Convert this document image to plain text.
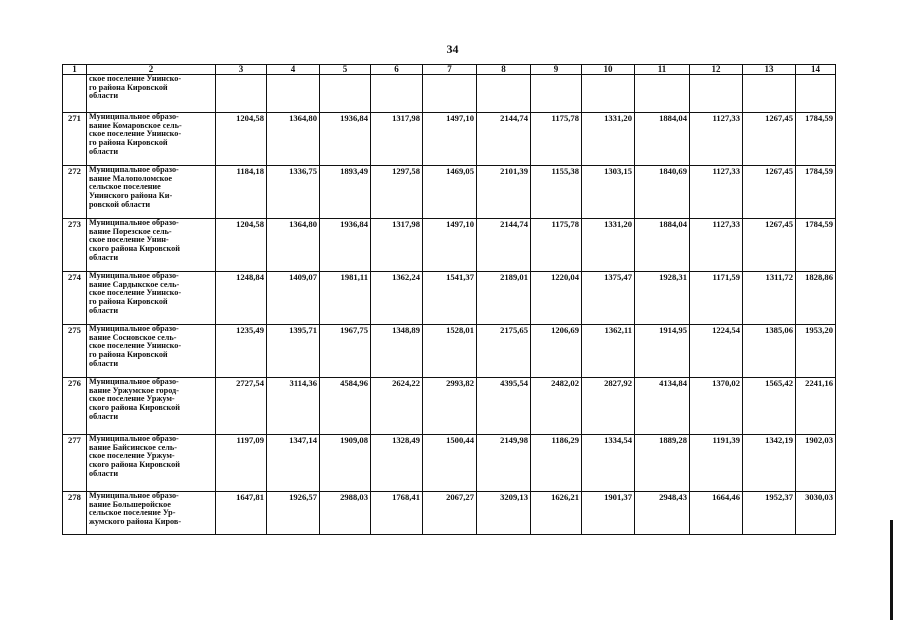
34
1	2	3	4	5	6	7	8	9	10	11	12	13	14
	ское поселение Унинско-
го района Кировской
области												
271	Муниципальное образо-
вание Комаровское сель-
ское поселение Унинско-
го района Кировской
области	1204,58	1364,80	1936,84	1317,98	1497,10	2144,74	1175,78	1331,20	1884,04	1127,33	1267,45	1784,59
272	Муниципальное образо-
вание Малополомское
сельское поселение
Унинского района Ки-
ровской области	1184,18	1336,75	1893,49	1297,58	1469,05	2101,39	1155,38	1303,15	1840,69	1127,33	1267,45	1784,59
273	Муниципальное образо-
вание Порезское сель-
ское поселение Унин-
ского района Кировской
области	1204,58	1364,80	1936,84	1317,98	1497,10	2144,74	1175,78	1331,20	1884,04	1127,33	1267,45	1784,59
274	Муниципальное образо-
вание Сардыкское сель-
ское поселение Унинско-
го района Кировской
области	1248,84	1409,07	1981,11	1362,24	1541,37	2189,01	1220,04	1375,47	1928,31	1171,59	1311,72	1828,86
275	Муниципальное образо-
вание Сосновское сель-
ское поселение Унинско-
го района Кировской
области	1235,49	1395,71	1967,75	1348,89	1528,01	2175,65	1206,69	1362,11	1914,95	1224,54	1385,06	1953,20
276	Муниципальное образо-
вание Уржумское город-
ское поселение Уржум-
ского района Кировской
области	2727,54	3114,36	4584,96	2624,22	2993,82	4395,54	2482,02	2827,92	4134,84	1370,02	1565,42	2241,16
277	Муниципальное образо-
вание Байсинское сель-
ское поселение Уржум-
ского района Кировской
области	1197,09	1347,14	1909,08	1328,49	1500,44	2149,98	1186,29	1334,54	1889,28	1191,39	1342,19	1902,03
278	Муниципальное образо-
вание Большеройское
сельское поселение Ур-
жумского района Киров-	1647,81	1926,57	2988,03	1768,41	2067,27	3209,13	1626,21	1901,37	2948,43	1664,46	1952,37	3030,03
